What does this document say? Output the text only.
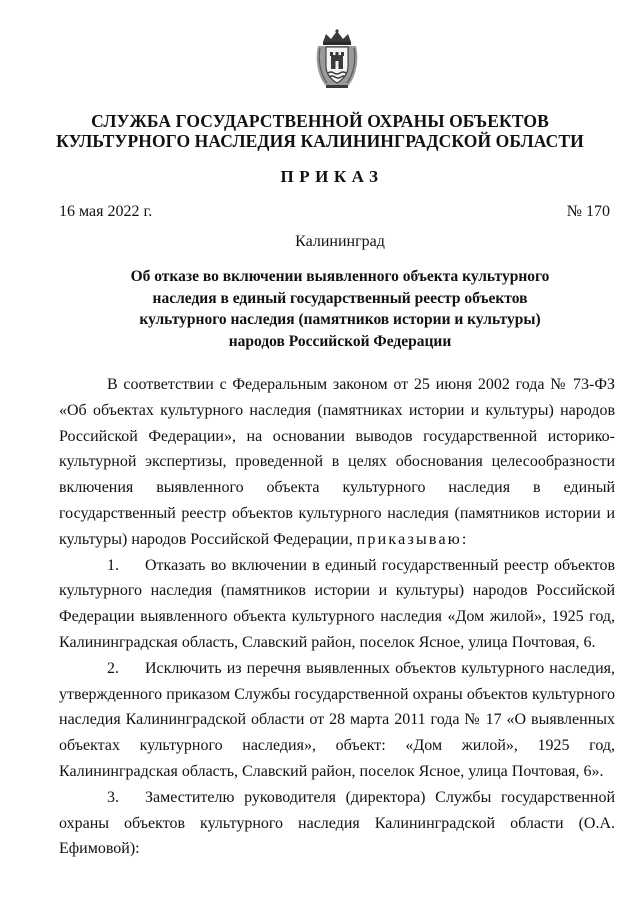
СЛУЖБА ГОСУДАРСТВЕННОЙ ОХРАНЫ ОБЪЕКТОВ
КУЛЬТУРНОГО НАСЛЕДИЯ КАЛИНИНГРАДСКОЙ ОБЛАСТИ
ПРИКАЗ
16 мая 2022 г.	№ 170
Калининград
Об отказе во включении выявленного объекта культурного
наследия в единый государственный реестр объектов
культурного наследия (памятников истории и культуры)
народов Российской Федерации

В соответствии с Федеральным законом от 25 июня 2002 года № 73-ФЗ «Об объектах культурного наследия (памятниках истории и культуры) народов Российской Федерации», на основании выводов государственной историко-культурной экспертизы, проведенной в целях обоснования целесообразности включения выявленного объекта культурного наследия в единый государственный реестр объектов культурного наследия (памятников истории и культуры) народов Российской Федерации, приказываю:

1. Отказать во включении в единый государственный реестр объектов культурного наследия (памятников истории и культуры) народов Российской Федерации выявленного объекта культурного наследия «Дом жилой», 1925 год, Калининградская область, Славский район, поселок Ясное, улица Почтовая, 6.

2. Исключить из перечня выявленных объектов культурного наследия, утвержденного приказом Службы государственной охраны объектов культурного наследия Калининградской области от 28 марта 2011 года № 17 «О выявленных объектах культурного наследия», объект: «Дом жилой», 1925 год, Калининградская область, Славский район, поселок Ясное, улица Почтовая, 6».

3. Заместителю руководителя (директора) Службы государственной охраны объектов культурного наследия Калининградской области (О.А. Ефимовой):
